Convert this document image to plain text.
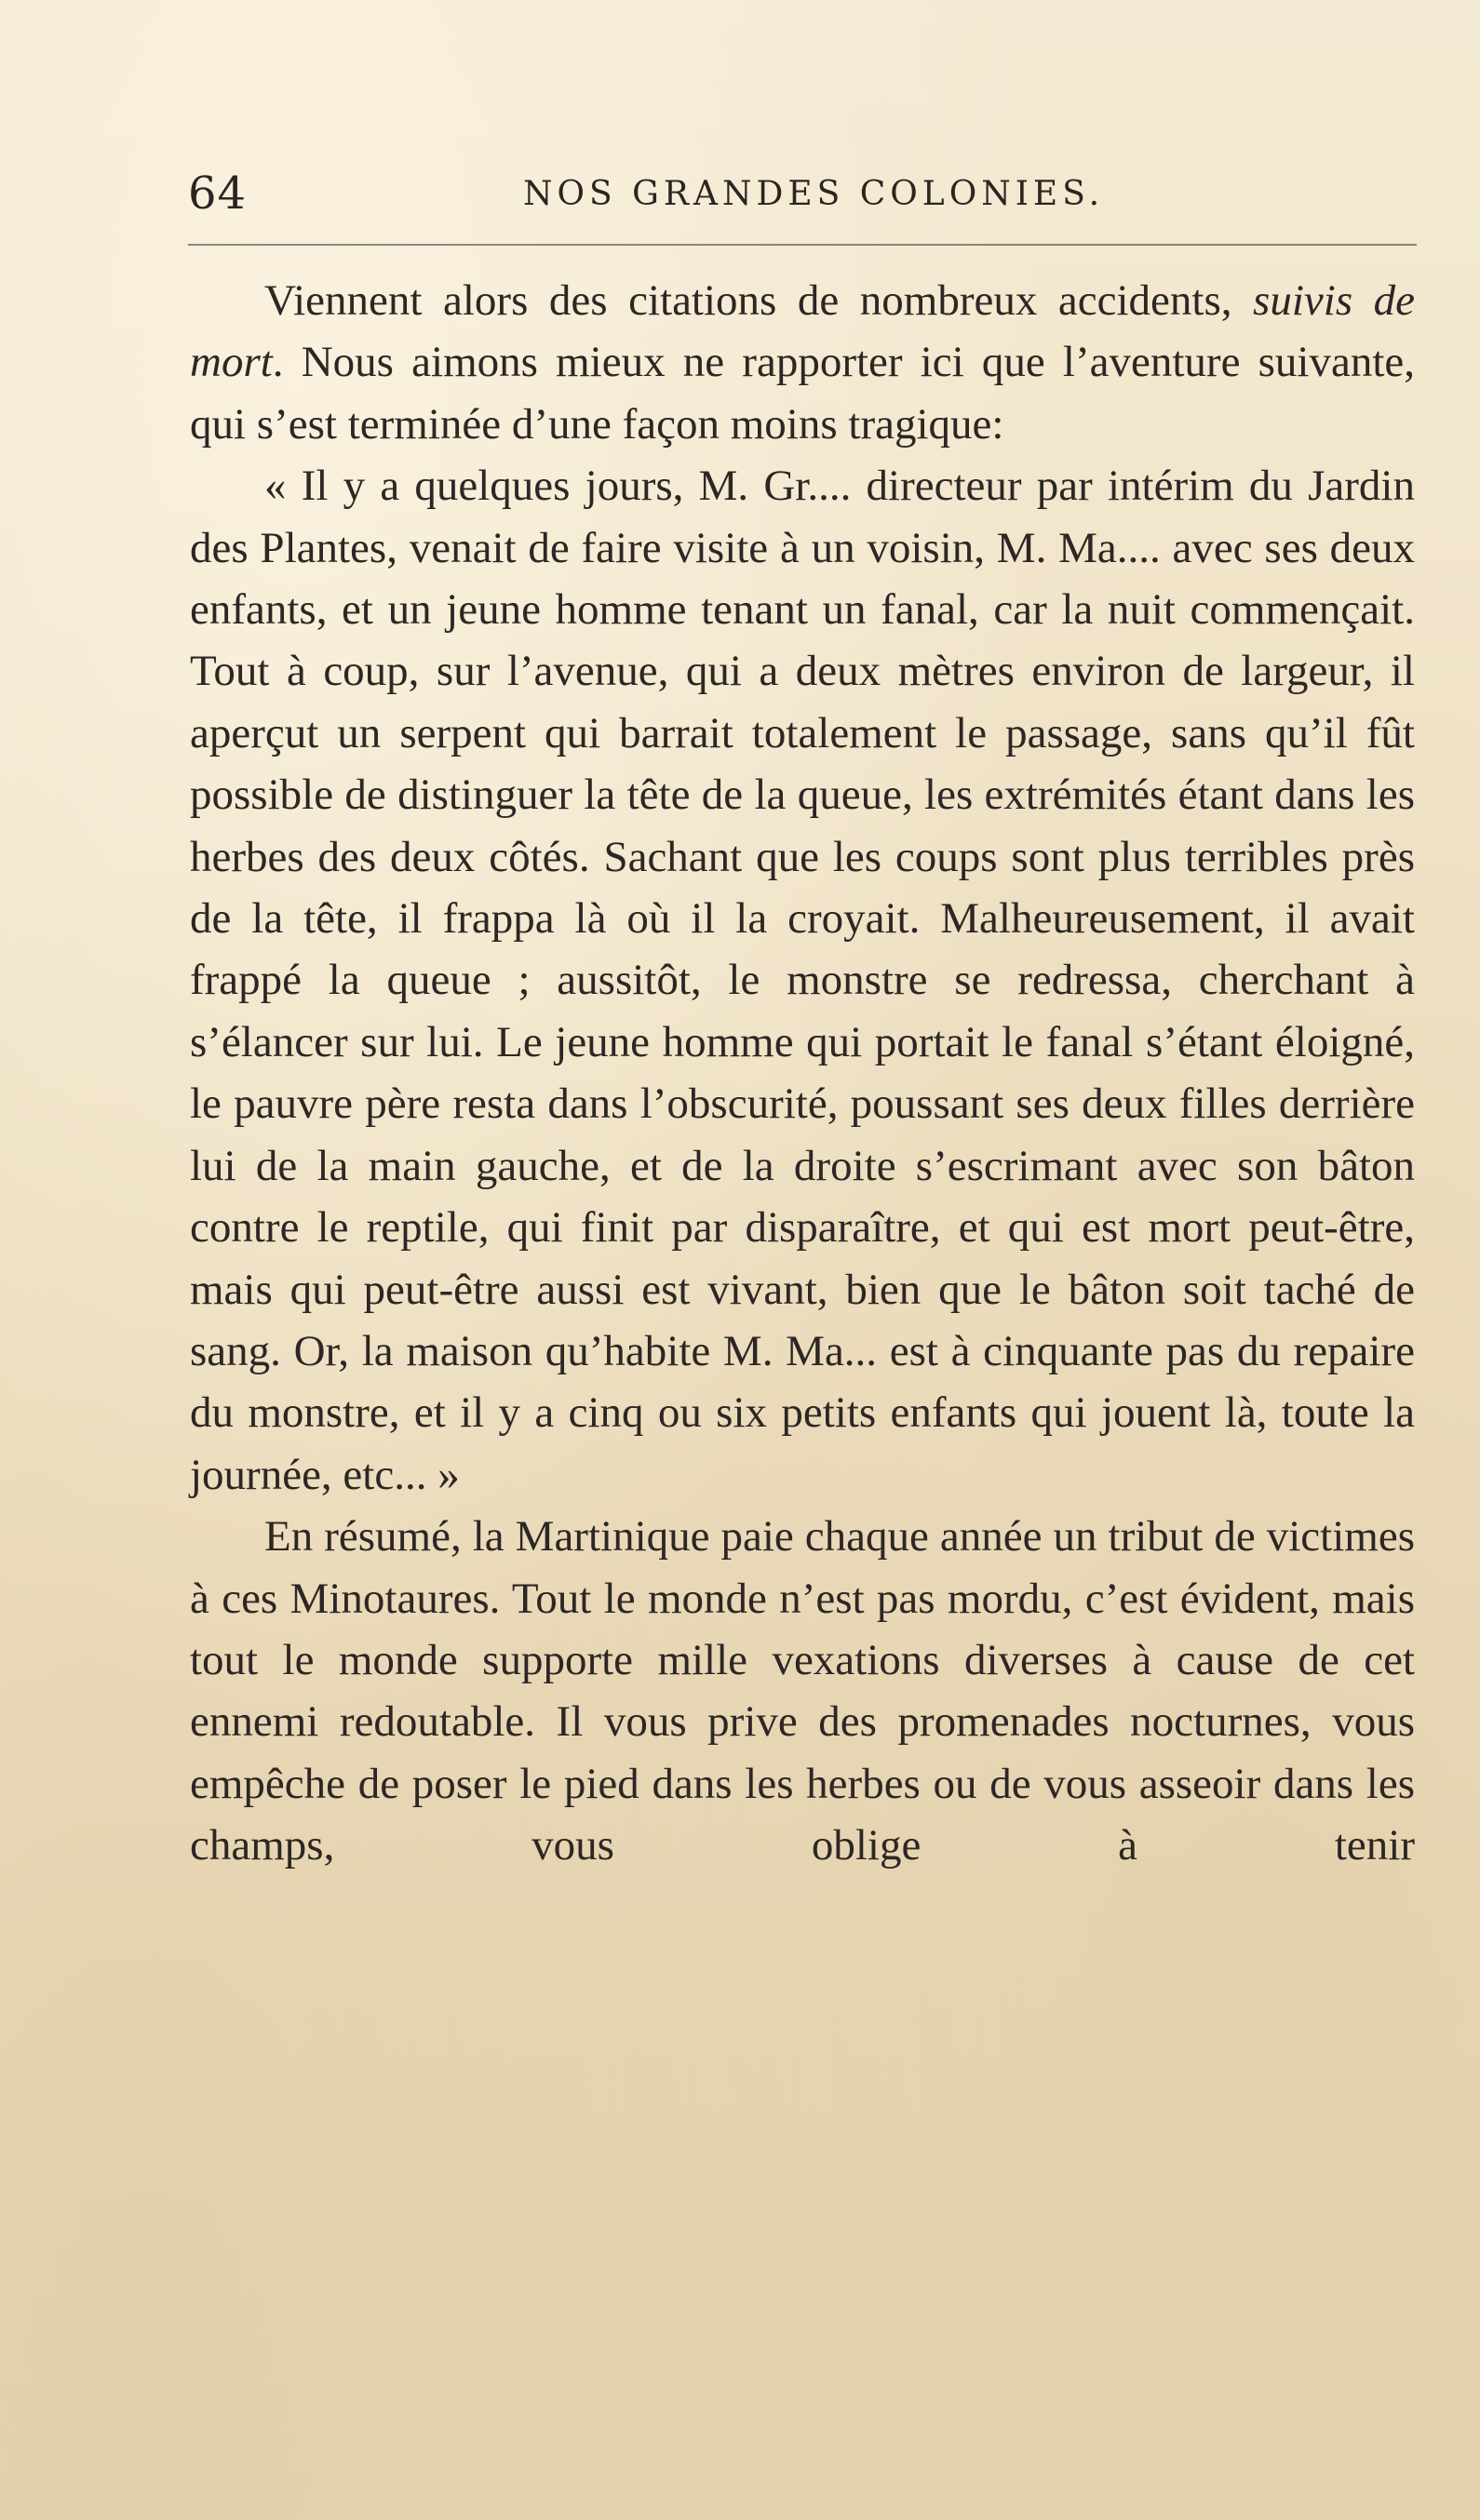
64	NOS GRANDES COLONIES.

Viennent alors des citations de nombreux accidents, suivis de mort. Nous aimons mieux ne rapporter ici que l’aventure suivante, qui s’est terminée d’une façon moins tragique:

« Il y a quelques jours, M. Gr.... directeur par intérim du Jardin des Plantes, venait de faire visite à un voisin, M. Ma.... avec ses deux enfants, et un jeune homme tenant un fanal, car la nuit commençait. Tout à coup, sur l’avenue, qui a deux mètres environ de largeur, il aperçut un serpent qui barrait totalement le passage, sans qu’il fût possible de distinguer la tête de la queue, les extrémités étant dans les herbes des deux côtés. Sachant que les coups sont plus terribles près de la tête, il frappa là où il la croyait. Malheureusement, il avait frappé la queue ; aussitôt, le monstre se redressa, cherchant à s’élancer sur lui. Le jeune homme qui portait le fanal s’étant éloigné, le pauvre père resta dans l’obscurité, poussant ses deux filles derrière lui de la main gauche, et de la droite s’escrimant avec son bâton contre le reptile, qui finit par disparaître, et qui est mort peut-être, mais qui peut-être aussi est vivant, bien que le bâton soit taché de sang. Or, la maison qu’habite M. Ma... est à cinquante pas du repaire du monstre, et il y a cinq ou six petits enfants qui jouent là, toute la journée, etc... »

En résumé, la Martinique paie chaque année un tribut de victimes à ces Minotaures. Tout le monde n’est pas mordu, c’est évident, mais tout le monde supporte mille vexations diverses à cause de cet ennemi redoutable. Il vous prive des promenades nocturnes, vous empêche de poser le pied dans les herbes ou de vous asseoir dans les champs, vous oblige à tenir
